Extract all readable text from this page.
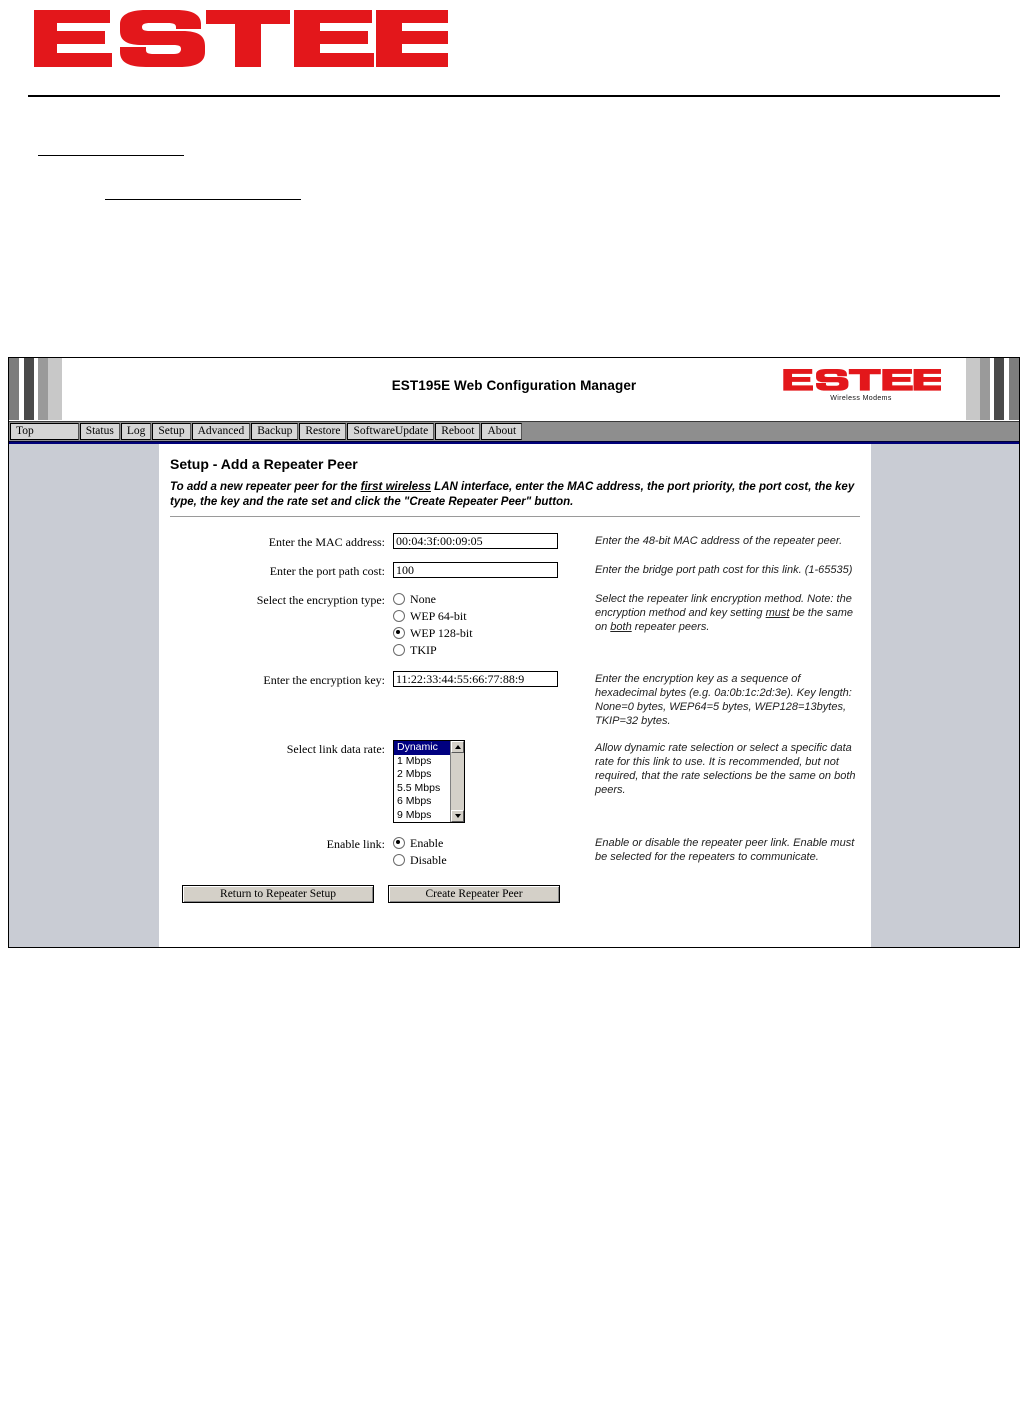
EST195E Web Configuration Manager
Wireless Modems
Top	Status	Log	Setup	Advanced	Backup	Restore	SoftwareUpdate	Reboot	About
Setup - Add a Repeater Peer

To add a new repeater peer for the first wireless LAN interface, enter the MAC address, the port priority, the port cost, the key type, the key and the rate set and click the "Create Repeater Peer" button.

Enter the MAC address:
00:04:3f:00:09:05	Enter the 48-bit MAC address of the repeater peer.
Enter the port path cost:
100	Enter the bridge port path cost for this link. (1-65535)
Select the encryption type: None
WEP 64-bit
WEP 128-bit
TKIP
Select the repeater link encryption method. Note: the encryption method and key setting must be the same on both repeater peers.
Enter the encryption key:
11:22:33:44:55:66:77:88:9	Enter the encryption key as a sequence of hexadecimal bytes (e.g. 0a:0b:1c:2d:3e). Key length: None=0 bytes, WEP64=5 bytes, WEP128=13bytes, TKIP=32 bytes.
Select link data rate: Dynamic
1 Mbps
2 Mbps
5.5 Mbps
6 Mbps
9 Mbps
Allow dynamic rate selection or select a specific data rate for this link to use. It is recommended, but not required, that the rate selections be the same on both peers.
Enable link: Enable
Disable
Enable or disable the repeater peer link. Enable must be selected for the repeaters to communicate.
Return to Repeater Setup	Create Repeater Peer
